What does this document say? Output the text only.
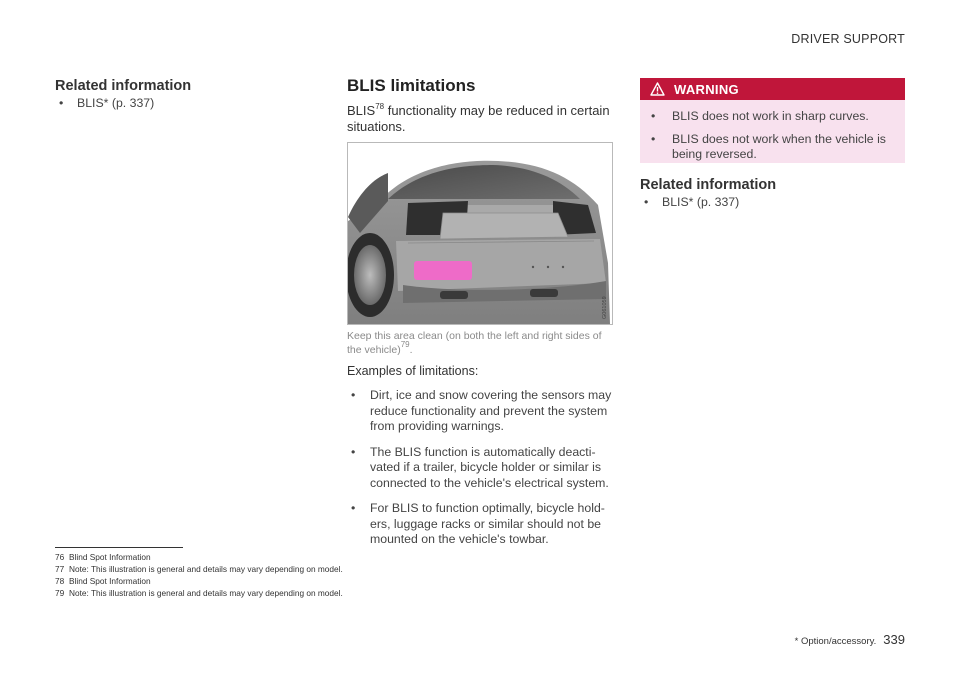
DRIVER SUPPORT
Related information
• BLIS* (p. 337)
BLIS limitations
BLIS$^{78}$ functionality may be reduced in certain
situations.
G061059
Keep this area clean (on both the left and right sides of
the vehicle)$^{79}$.
Examples of limitations:
• Dirt, ice and snow covering the sensors may
reduce functionality and prevent the system
from providing warnings.
• The BLIS function is automatically deacti-
vated if a trailer, bicycle holder or similar is
connected to the vehicle's electrical system.
• For BLIS to function optimally, bicycle hold-
ers, luggage racks or similar should not be
mounted on the vehicle's towbar.
WARNING
• BLIS does not work in sharp curves.
• BLIS does not work when the vehicle is
being reversed.
Related information
• BLIS* (p. 337)
76 Blind Spot Information
77 Note: This illustration is general and details may vary depending on model.
78 Blind Spot Information
79 Note: This illustration is general and details may vary depending on model.
* Option/accessory. 339
